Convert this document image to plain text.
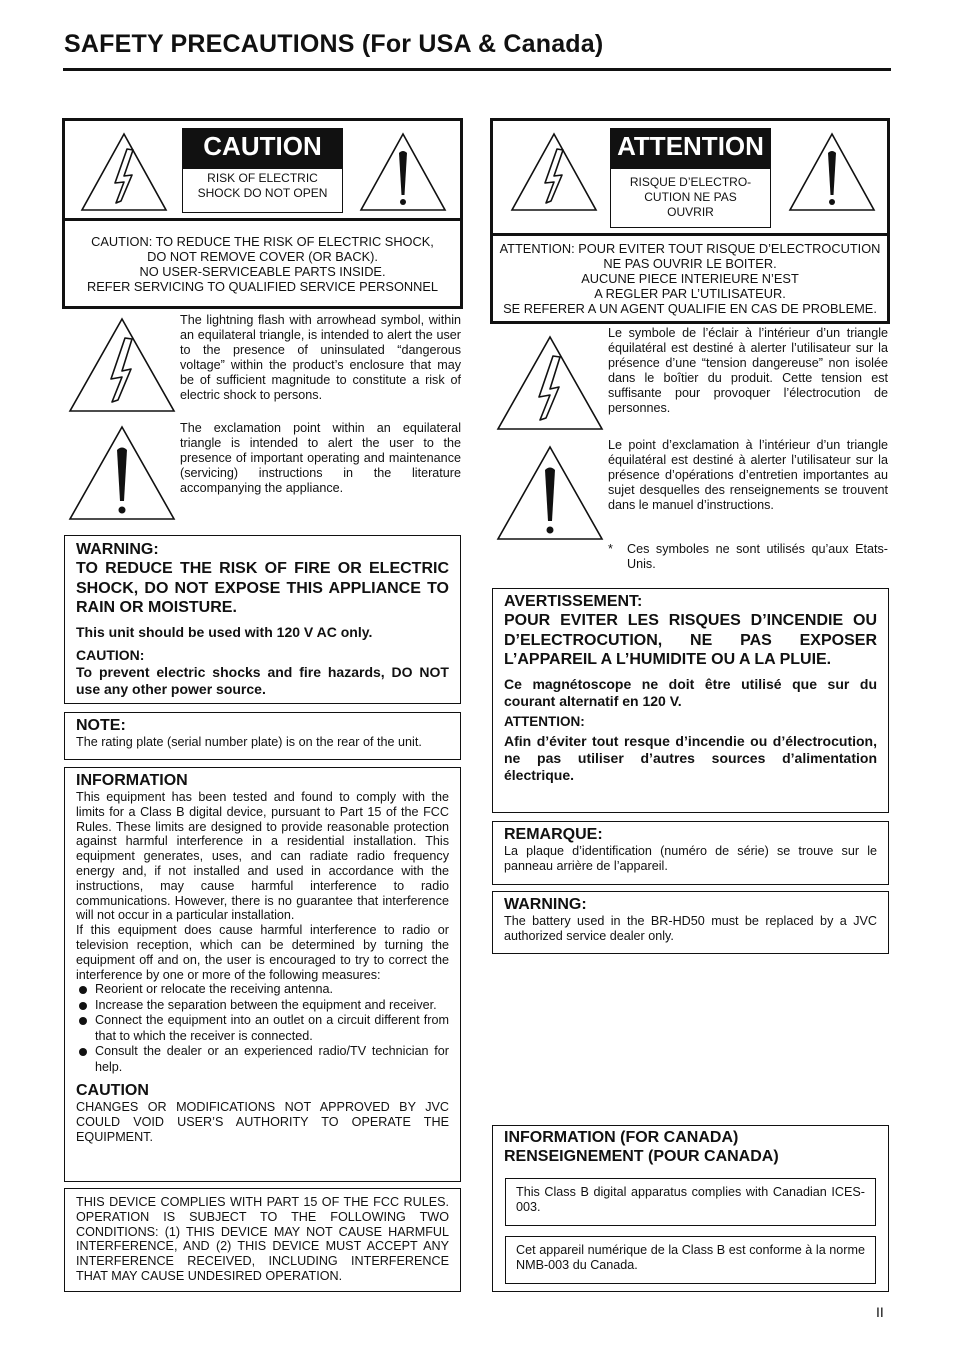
SAFETY PRECAUTIONS (For USA & Canada)
CAUTION
RISK OF ELECTRIC SHOCK DO NOT OPEN
CAUTION: TO REDUCE THE RISK OF ELECTRIC SHOCK,
DO NOT REMOVE COVER (OR BACK).
NO USER-SERVICEABLE PARTS INSIDE.
REFER SERVICING TO QUALIFIED SERVICE PERSONNEL
The lightning flash with arrowhead symbol, within an equilateral triangle, is intended to alert the user to the presence of uninsulated “dangerous voltage” within the product’s enclosure that may be of sufficient magnitude to constitute a risk of electric shock to persons.
The exclamation point within an equilateral triangle is intended to alert the user to the presence of important operating and maintenance (servicing) instructions in the literature accompanying the appliance.
WARNING:
TO REDUCE THE RISK OF FIRE OR ELECTRIC SHOCK, DO NOT EXPOSE THIS APPLIANCE TO RAIN OR MOISTURE.
This unit should be used with 120 V AC only.
CAUTION:
To prevent electric shocks and fire hazards, DO NOT use any other power source.
NOTE:
The rating plate (serial number plate) is on the rear of the unit.
INFORMATION
This equipment has been tested and found to comply with the limits for a Class B digital device, pursuant to Part 15 of the FCC Rules. These limits are designed to provide reasonable protection against harmful interference in a residential installation. This equipment generates, uses, and can radiate radio frequency energy and, if not installed and used in accordance with the instructions, may cause harmful interference to radio communications. However, there is no guarantee that interference will not occur in a particular installation.
If this equipment does cause harmful interference to radio or television reception, which can be determined by turning the equipment off and on, the user is encouraged to try to correct the interference by one or more of the following measures:
Reorient or relocate the receiving antenna.
Increase the separation between the equipment and receiver.
Connect the equipment into an outlet on a circuit different from that to which the receiver is connected.
Consult the dealer or an experienced radio/TV technician for help.
CAUTION
CHANGES OR MODIFICATIONS NOT APPROVED BY JVC COULD VOID USER’S AUTHORITY TO OPERATE THE EQUIPMENT.
THIS DEVICE COMPLIES WITH PART 15 OF THE FCC RULES. OPERATION IS SUBJECT TO THE FOLLOWING TWO CONDITIONS: (1) THIS DEVICE MAY NOT CAUSE HARMFUL INTERFERENCE, AND (2) THIS DEVICE MUST ACCEPT ANY INTERFERENCE RECEIVED, INCLUDING INTERFERENCE THAT MAY CAUSE UNDESIRED OPERATION.
ATTENTION
RISQUE D’ELECTRO-CUTION NE PAS OUVRIR
ATTENTION: POUR EVITER TOUT RISQUE D’ELECTROCUTION
NE PAS OUVRIR LE BOITER.
AUCUNE PIECE INTERIEURE N’EST
A REGLER PAR L’UTILISATEUR.
SE REFERER A UN AGENT QUALIFIE EN CAS DE PROBLEME.
Le symbole de l’éclair à l’intérieur d’un triangle équilatéral est destiné à alerter l’utilisateur sur la présence d’une “tension dangereuse” non isolée dans le boîtier du produit. Cette tension est suffisante pour provoquer l’électrocution de personnes.
Le point d’exclamation à l’intérieur d’un triangle équilatéral est destiné à alerter l’utilisateur sur la présence d’opérations d’entretien importantes au sujet desquelles des renseignements se trouvent dans le manuel d’instructions.
* Ces symboles ne sont utilisés qu’aux Etats-Unis.
AVERTISSEMENT:
POUR EVITER LES RISQUES D’INCENDIE OU D’ELECTROCUTION, NE PAS EXPOSER L’APPAREIL A L’HUMIDITE OU A LA PLUIE.
Ce magnétoscope ne doit être utilisé que sur du courant alternatif en 120 V.
ATTENTION:
Afin d’éviter tout resque d’incendie ou d’électrocution, ne pas utiliser d’autres sources d’alimentation électrique.
REMARQUE:
La plaque d’identification (numéro de série) se trouve sur le panneau arrière de l’appareil.
WARNING:
The battery used in the BR-HD50 must be replaced by a JVC authorized service dealer only.
INFORMATION (FOR CANADA)
RENSEIGNEMENT (POUR CANADA)
This Class B digital apparatus complies with Canadian ICES-003.
Cet appareil numérique de la Class B est conforme à la norme NMB-003 du Canada.
II
